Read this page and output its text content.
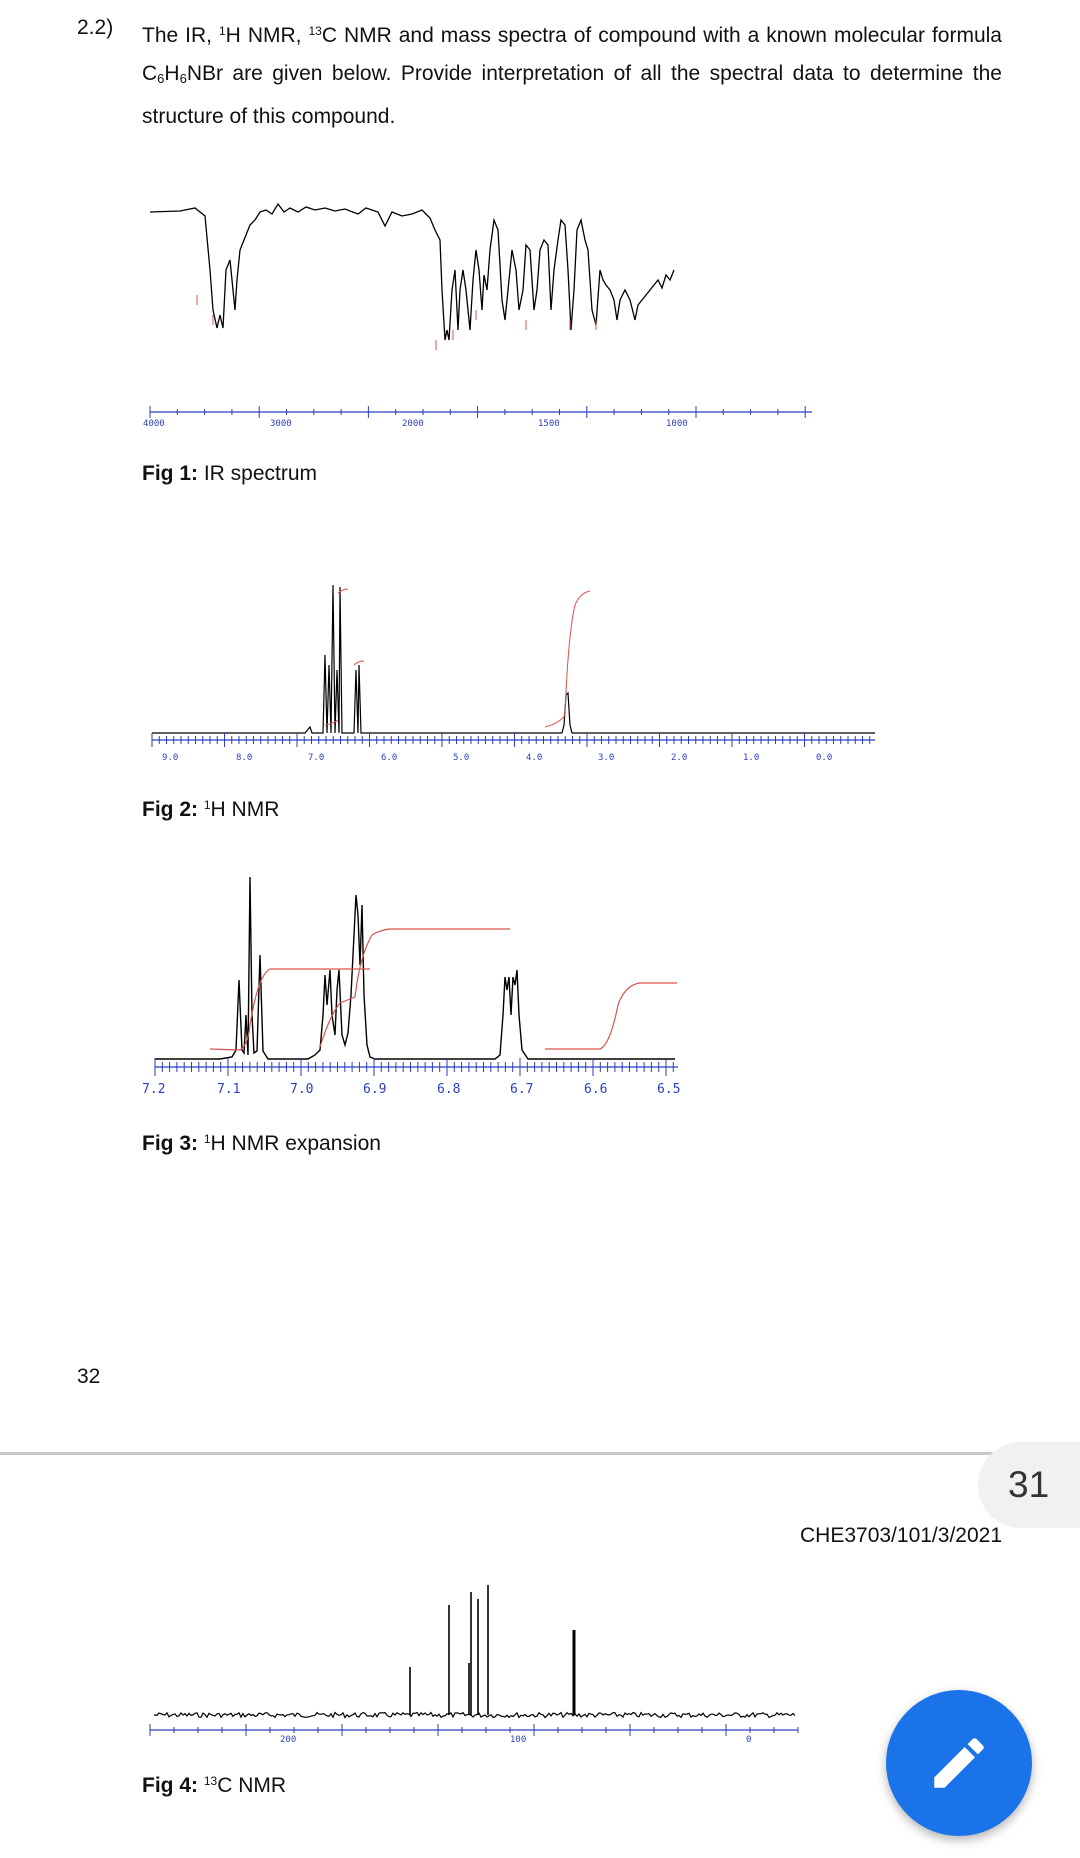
2.2) The IR, $^1$H NMR, $^{13}$C NMR and mass spectra of compound with a known molecular formula $C_6H_6NBr$ are given below. Provide interpretation of all the spectral data to determine the structure of this compound.
4000	3000	2000	1500	1000
Fig 1: IR spectrum
9.0	8.0	7.0	6.0	5.0	4.0	3.0	2.0	1.0	0.0
Fig 2: $^1$H NMR
7.2	7.1	7.0	6.9	6.8	6.7	6.6	6.5
Fig 3: $^1$H NMR expansion
32
31
CHE3703/101/3/2021
200	100	0
Fig 4: $^{13}$C NMR
